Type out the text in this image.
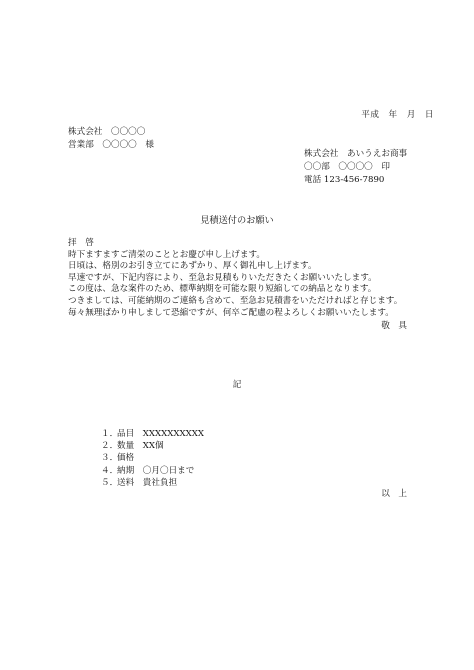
平成　年　月　日
株式会社　〇〇〇〇
営業部　〇〇〇〇　様
株式会社　あいうえお商事
〇〇部　〇〇〇〇　印
電話 123-456-7890
見積送付のお願い
拝　啓
時下ますますご清栄のこととお慶び申し上げます。
日頃は、格別のお引き立てにあずかり、厚く御礼申し上げます。
早速ですが、下記内容により、至急お見積もりいただきたくお願いいたします。
この度は、急な案件のため、標準納期を可能な限り短縮しての納品となります。
つきましては、可能納期のご連絡も含めて、至急お見積書をいただければと存じます。
毎々無理ばかり申しまして恐縮ですが、何卒ご配慮の程よろしくお願いいたします。
敬　具
記
１．
品目　XXXXXXXXXX
２．
数量　XX個
３．
価格
４．
納期　〇月〇日まで
５．
送料　貴社負担
以　上
